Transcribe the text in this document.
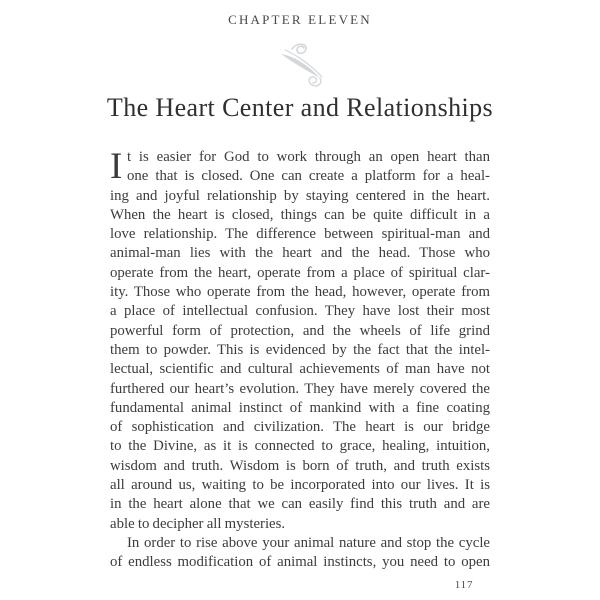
CHAPTER ELEVEN
The Heart Center and Relationships
I t is easier for God to work through an open heart than
one that is closed. One can create a platform for a heal-
ing and joyful relationship by staying centered in the heart.
When the heart is closed, things can be quite difficult in a
love relationship. The difference between spiritual-man and
animal-man lies with the heart and the head. Those who
operate from the heart, operate from a place of spiritual clar-
ity. Those who operate from the head, however, operate from
a place of intellectual confusion. They have lost their most
powerful form of protection, and the wheels of life grind
them to powder. This is evidenced by the fact that the intel-
lectual, scientific and cultural achievements of man have not
furthered our heart’s evolution. They have merely covered the
fundamental animal instinct of mankind with a fine coating
of sophistication and civilization. The heart is our bridge
to the Divine, as it is connected to grace, healing, intuition,
wisdom and truth. Wisdom is born of truth, and truth exists
all around us, waiting to be incorporated into our lives. It is
in the heart alone that we can easily find this truth and are
able to decipher all mysteries.
In order to rise above your animal nature and stop the cycle
of endless modification of animal instincts, you need to open
117
